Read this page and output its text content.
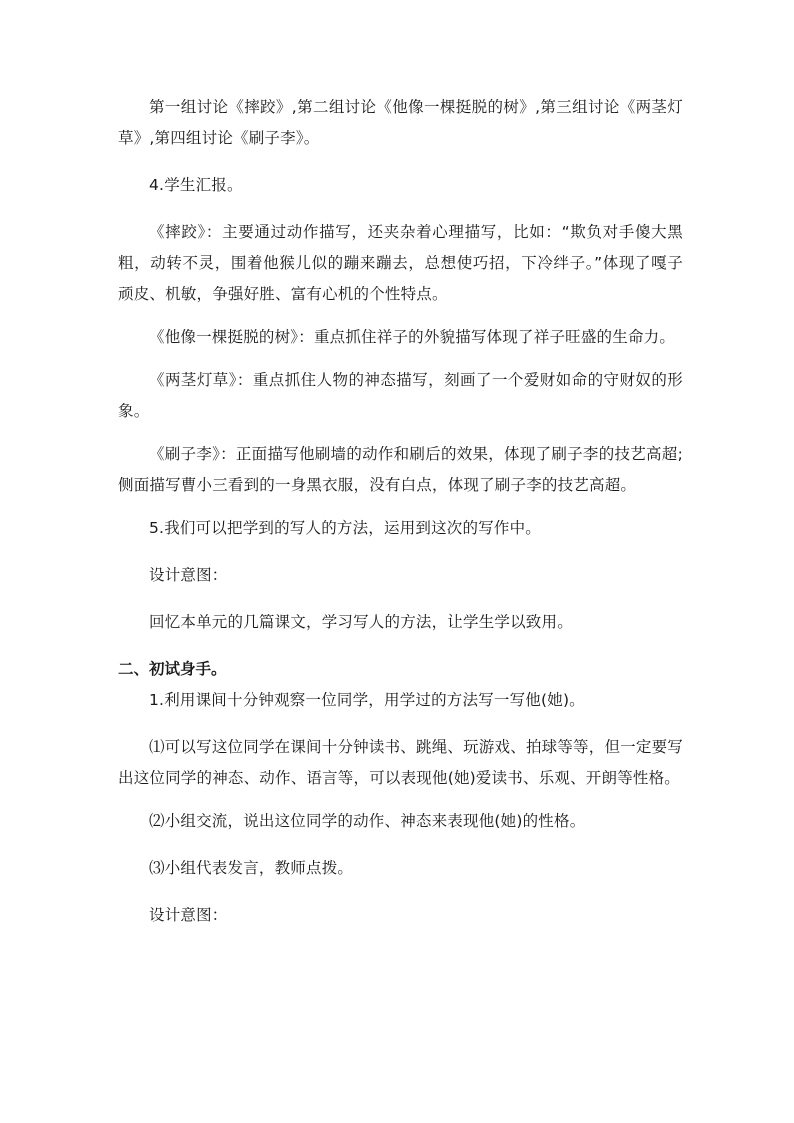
第一组讨论《摔跤》,第二组讨论《他像一棵挺脱的树》,第三组讨论《两茎灯草》,第四组讨论《刷子李》。

4.学生汇报。

《摔跤》：主要通过动作描写，还夹杂着心理描写，比如：“欺负对手傻大黑粗，动转不灵，围着他猴儿似的蹦来蹦去，总想使巧招，下冷绊子。”体现了嘎子顽皮、机敏，争强好胜、富有心机的个性特点。

《他像一棵挺脱的树》：重点抓住祥子的外貌描写体现了祥子旺盛的生命力。

《两茎灯草》：重点抓住人物的神态描写，刻画了一个爱财如命的守财奴的形象。

《刷子李》：正面描写他刷墙的动作和刷后的效果，体现了刷子李的技艺高超;侧面描写曹小三看到的一身黑衣服，没有白点，体现了刷子李的技艺高超。

5.我们可以把学到的写人的方法，运用到这次的写作中。

设计意图：

回忆本单元的几篇课文，学习写人的方法，让学生学以致用。

二、初试身手。

1.利用课间十分钟观察一位同学，用学过的方法写一写他(她)。

⑴可以写这位同学在课间十分钟读书、跳绳、玩游戏、拍球等等，但一定要写出这位同学的神态、动作、语言等，可以表现他(她)爱读书、乐观、开朗等性格。

⑵小组交流，说出这位同学的动作、神态来表现他(她)的性格。

⑶小组代表发言，教师点拨。

设计意图：
